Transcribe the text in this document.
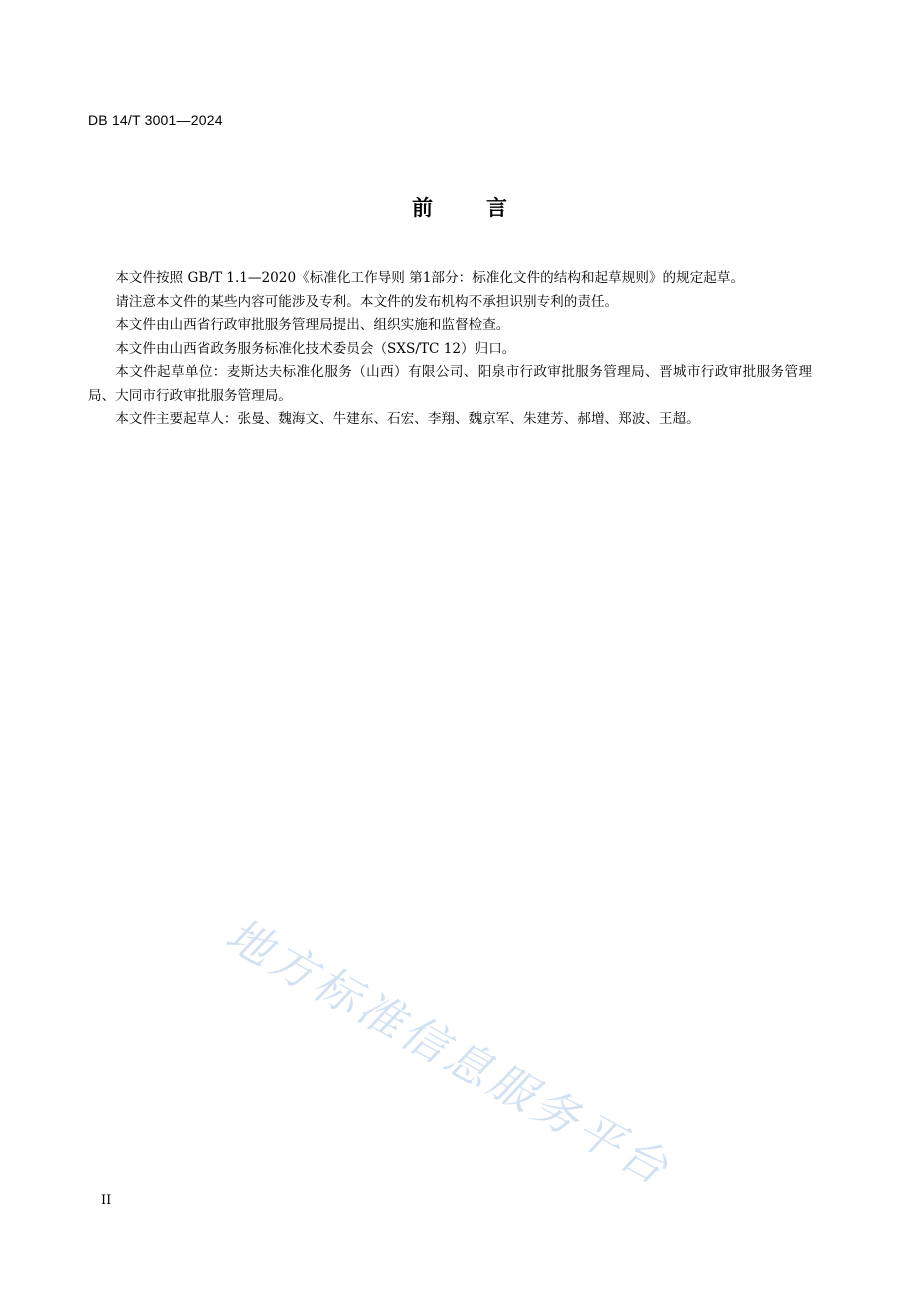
DB 14/T 3001—2024
前 言

本文件按照 GB/T 1.1—2020《标准化工作导则 第1部分：标准化文件的结构和起草规则》的规定起草。

请注意本文件的某些内容可能涉及专利。本文件的发布机构不承担识别专利的责任。

本文件由山西省行政审批服务管理局提出、组织实施和监督检查。

本文件由山西省政务服务标准化技术委员会（SXS/TC 12）归口。

本文件起草单位：麦斯达夫标准化服务（山西）有限公司、阳泉市行政审批服务管理局、晋城市行政审批服务管理局、大同市行政审批服务管理局。

本文件主要起草人：张曼、魏海文、牛建东、石宏、李翔、魏京军、朱建芳、郝增、郑波、王超。

地方标准信息服务平台
II
